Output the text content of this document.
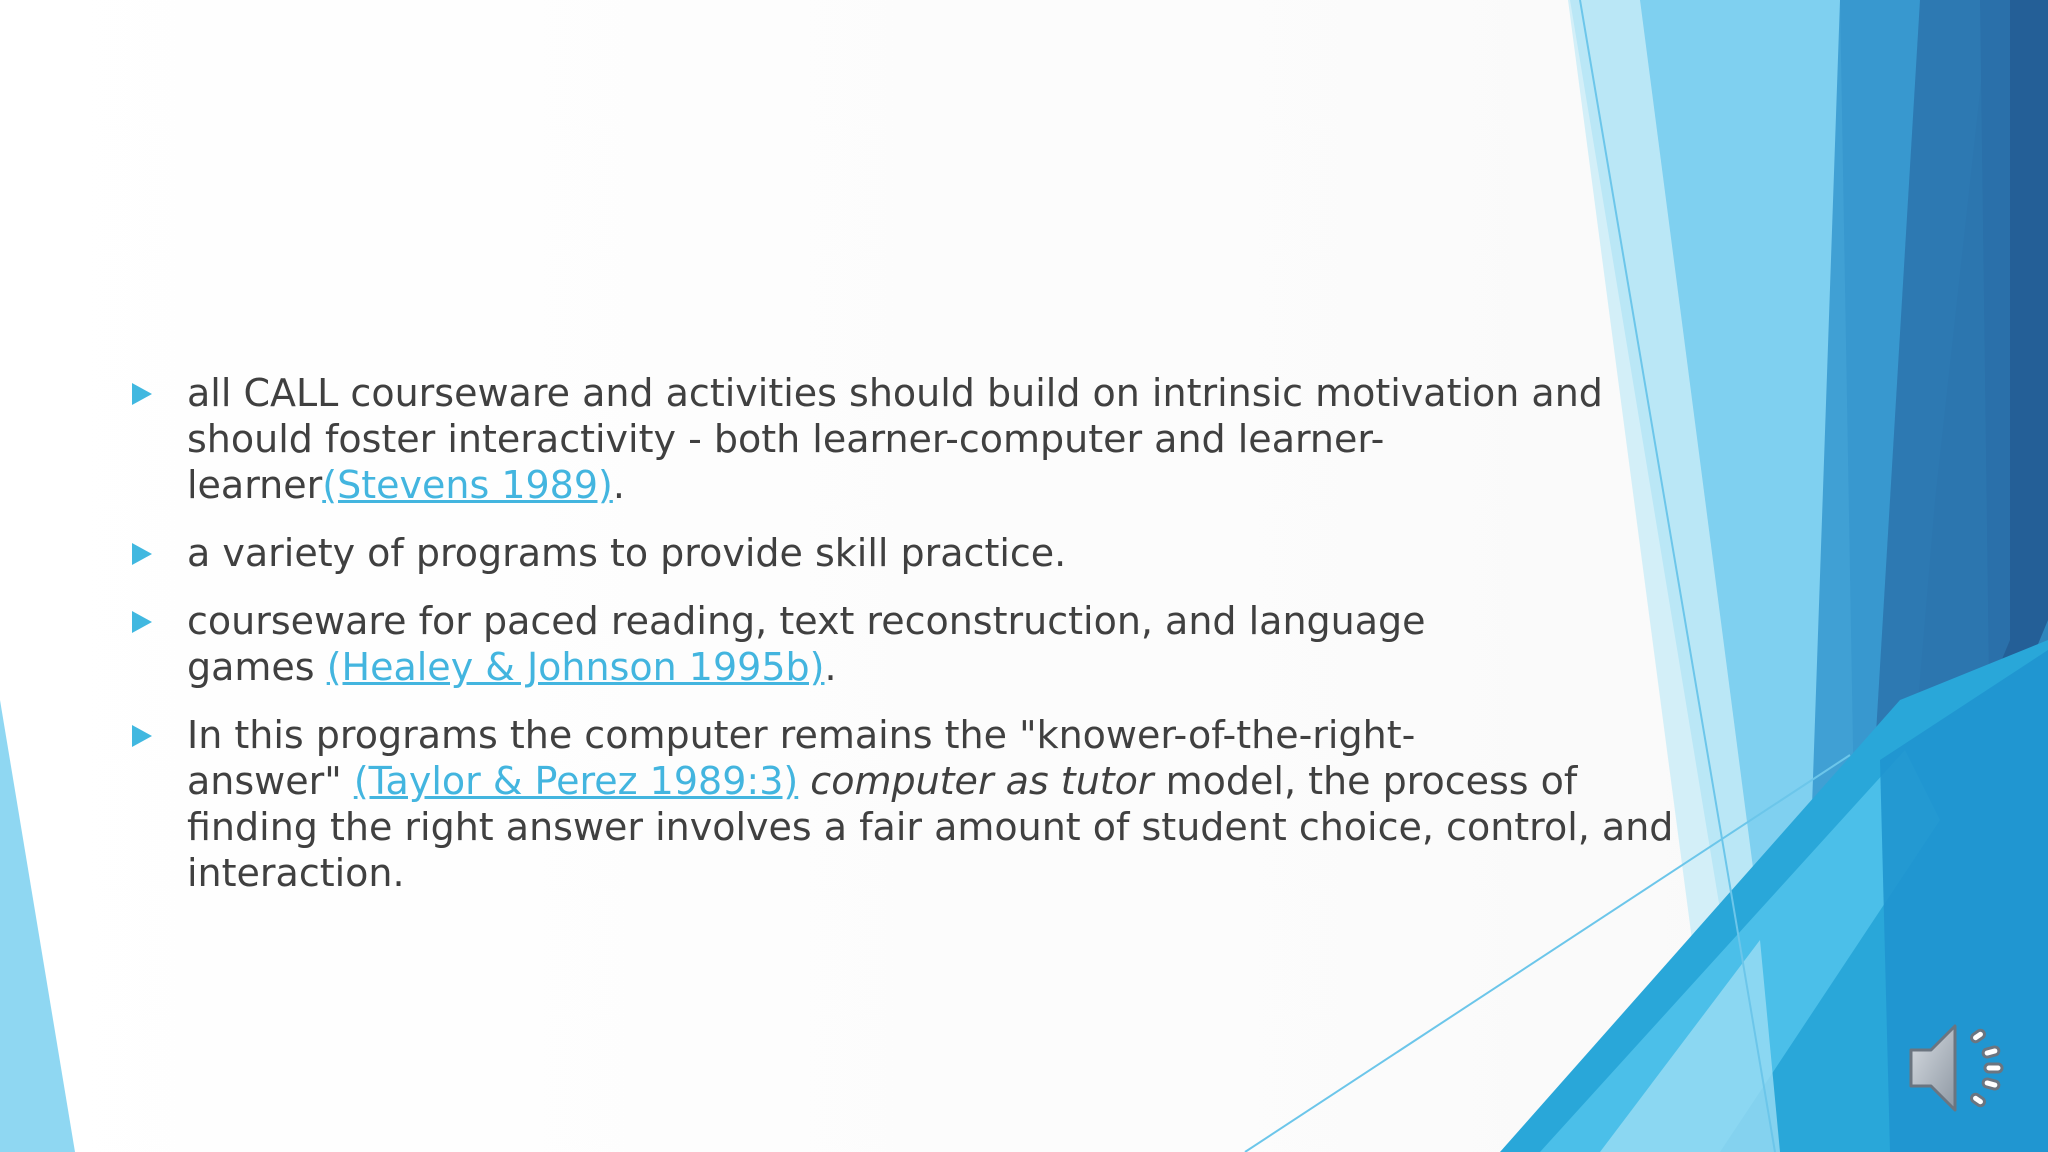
all CALL courseware and activities should build on intrinsic motivation and
should foster interactivity - both learner-computer and learner-
learner(Stevens 1989).
a variety of programs to provide skill practice.
courseware for paced reading, text reconstruction, and language
games (Healey & Johnson 1995b).
In this programs the computer remains the "knower-of-the-right-
answer" (Taylor & Perez 1989:3) computer as tutor model, the process of
finding the right answer involves a fair amount of student choice, control, and
interaction.
